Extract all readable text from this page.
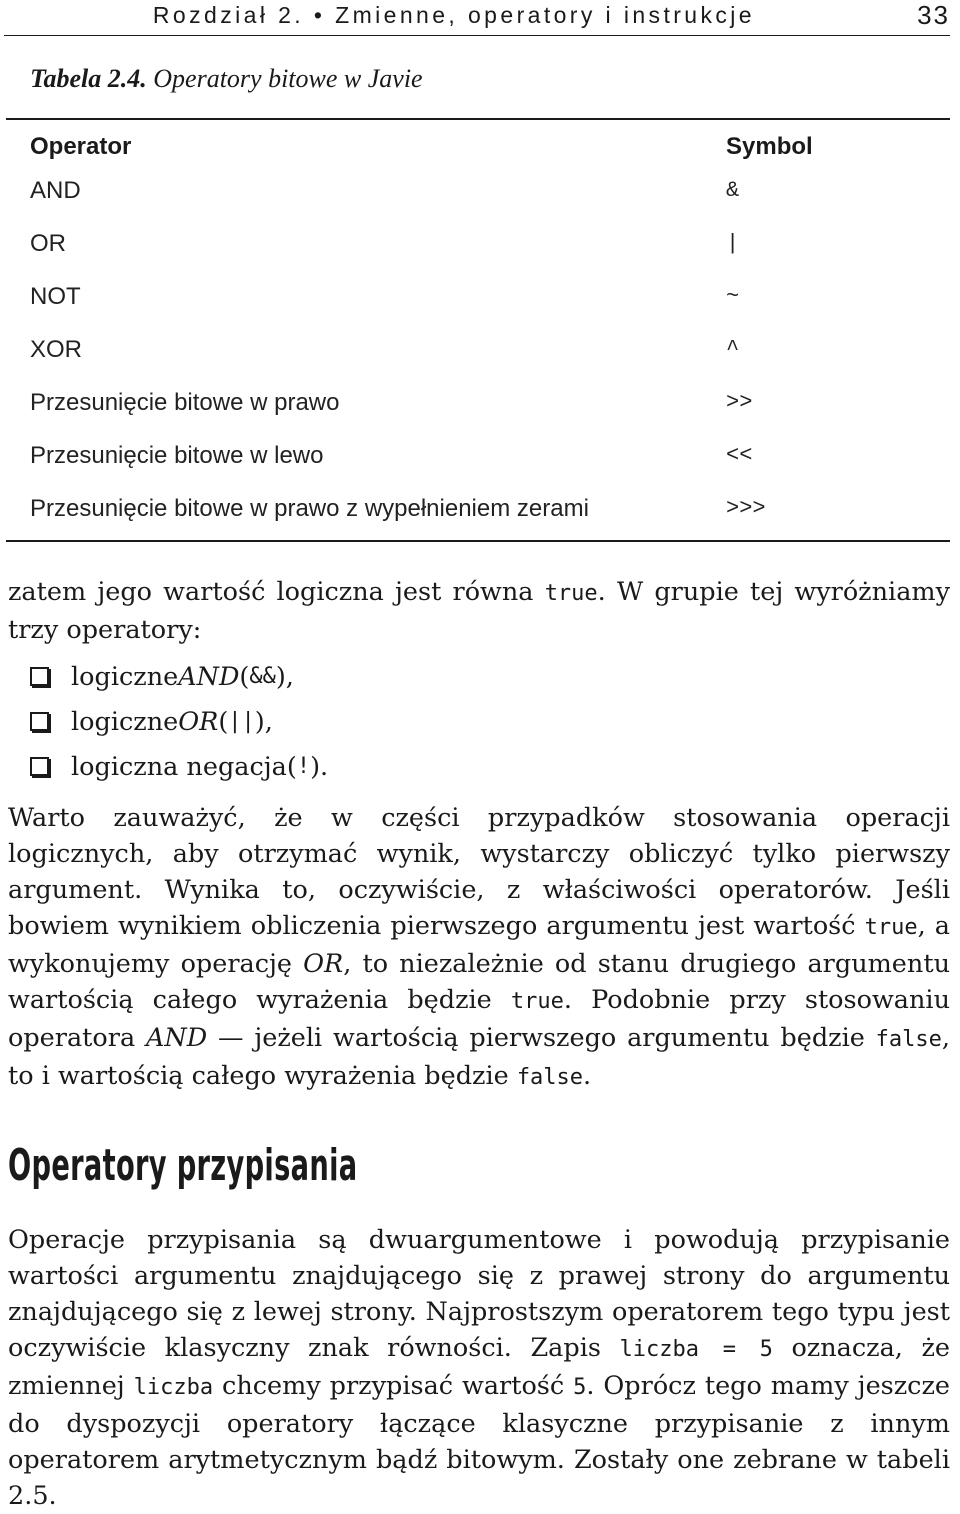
Rozdział 2. • Zmienne, operatory i instrukcje	33
Tabela 2.4. Operatory bitowe w Javie
Operator	Symbol
AND	&
OR	|
NOT	~
XOR	^
Przesunięcie bitowe w prawo	>>
Przesunięcie bitowe w lewo	<<
Przesunięcie bitowe w prawo z wypełnieniem zerami	>>>

zatem jego wartość logiczna jest równa true. W grupie tej wyróżniamy trzy operatory:

logiczne AND ( && ),
logiczne OR ( || ),
logiczna negacja ( ! ).

Warto zauważyć, że w części przypadków stosowania operacji logicznych, aby otrzymać wynik, wystarczy obliczyć tylko pierwszy argument. Wynika to, oczywiście, z właściwości operatorów. Jeśli bowiem wynikiem obliczenia pierwszego argumentu jest wartość true, a wykonujemy operację OR, to niezależnie od stanu drugiego argumentu wartością całego wyrażenia będzie true. Podobnie przy stosowaniu operatora AND — jeżeli wartością pierwszego argumentu będzie false, to i wartością całego wyrażenia będzie false.

Operatory przypisania

Operacje przypisania są dwuargumentowe i powodują przypisanie wartości argumentu znajdującego się z prawej strony do argumentu znajdującego się z lewej strony. Najprostszym operatorem tego typu jest oczywiście klasyczny znak równości. Zapis liczba = 5 oznacza, że zmiennej liczba chcemy przypisać wartość 5. Oprócz tego mamy jeszcze do dyspozycji operatory łączące klasyczne przypisanie z innym operatorem arytmetycznym bądź bitowym. Zostały one zebrane w tabeli 2.5.
